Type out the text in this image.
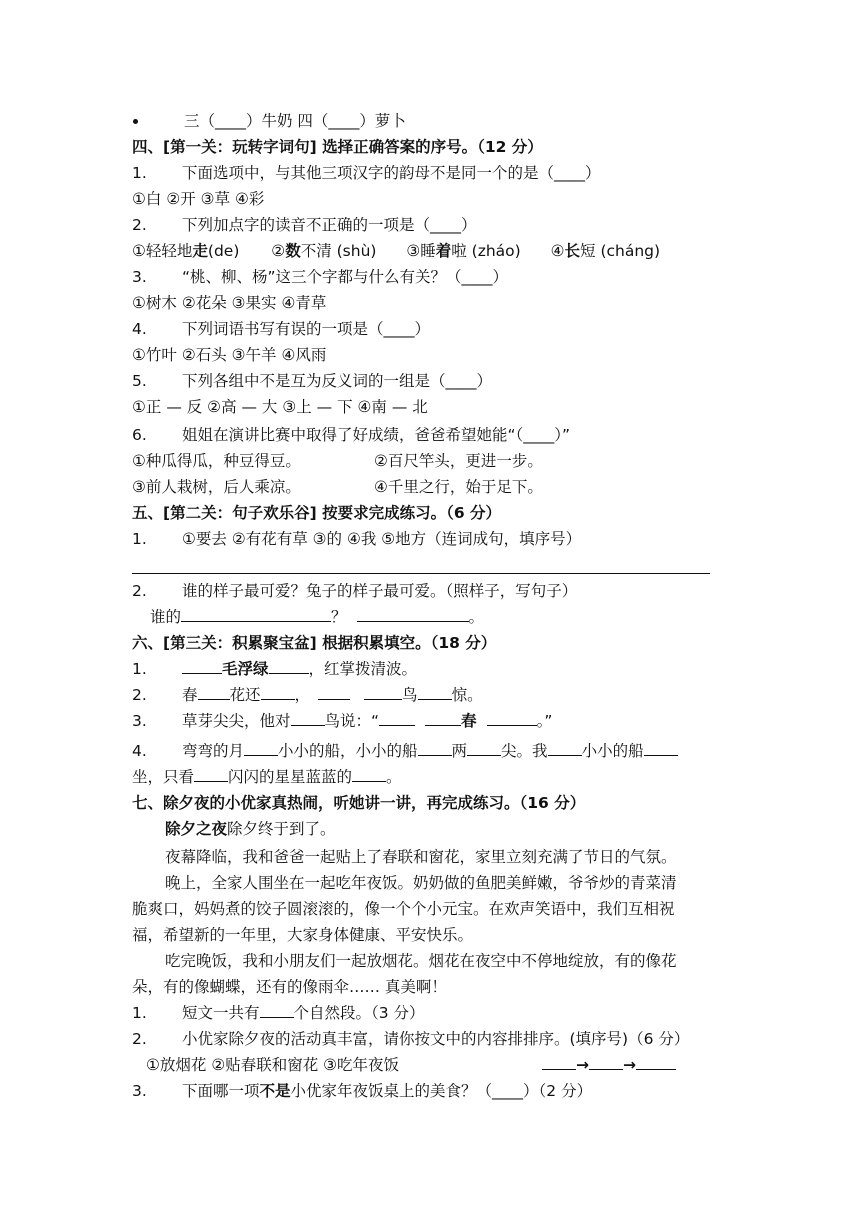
三（____）牛奶 四（____）萝卜
四、[第一关：玩转字词句] 选择正确答案的序号。（12 分）
1. 下面选项中，与其他三项汉字的韵母不是同一个的是（____）
①白 ②开 ③草 ④彩
2. 下列加点字的读音不正确的一项是（____）
①轻轻地走(de) ②数不清 (shù) ③睡着啦 (zháo) ④长短 (cháng)
3. “桃、柳、杨”这三个字都与什么有关？（____）
①树木 ②花朵 ③果实 ④青草
4. 下列词语书写有误的一项是（____）
①竹叶 ②石头 ③午羊 ④风雨
5. 下列各组中不是互为反义词的一组是（____）
①正 — 反 ②高 — 大 ③上 — 下 ④南 — 北
6. 姐姐在演讲比赛中取得了好成绩，爸爸希望她能“（____）”
①种瓜得瓜，种豆得豆。	②百尺竿头，更进一步。
③前人栽树，后人乘凉。	④千里之行，始于足下。
五、[第二关：句子欢乐谷] 按要求完成练习。（6 分）
1. ①要去 ②有花有草 ③的 ④我 ⑤地方（连词成句，填序号）
2. 谁的样子最可爱？兔子的样子最可爱。（照样子，写句子）
谁的	？	。
六、[第三关：积累聚宝盆] 根据积累填空。（18 分）
1.	毛浮绿	，红掌拨清波。
2. 春 花还 ，	鸟 惊。
3. 草芽尖尖，他对 鸟说：“	春	。”
4. 弯弯的月 小小的船，小小的船 两 尖。我 小小的船
坐，只看 闪闪的星星蓝蓝的 。
七、除夕夜的小优家真热闹，听她讲一讲，再完成练习。（16 分）
除夕之夜除夕终于到了。
夜幕降临，我和爸爸一起贴上了春联和窗花，家里立刻充满了节日的气氛。
晚上，全家人围坐在一起吃年夜饭。奶奶做的鱼肥美鲜嫩，爷爷炒的青菜清
脆爽口，妈妈煮的饺子圆滚滚的，像一个个小元宝。在欢声笑语中，我们互相祝
福，希望新的一年里，大家身体健康、平安快乐。
吃完晚饭，我和小朋友们一起放烟花。烟花在夜空中不停地绽放，有的像花
朵，有的像蝴蝶，还有的像雨伞…… 真美啊！
1. 短文一共有 个自然段。（3 分）
2. 小优家除夕夜的活动真丰富，请你按文中的内容排排序。(填序号)（6 分）
①放烟花 ②贴春联和窗花 ③吃年夜饭	→ →
3. 下面哪一项不是小优家年夜饭桌上的美食？（____）（2 分）
